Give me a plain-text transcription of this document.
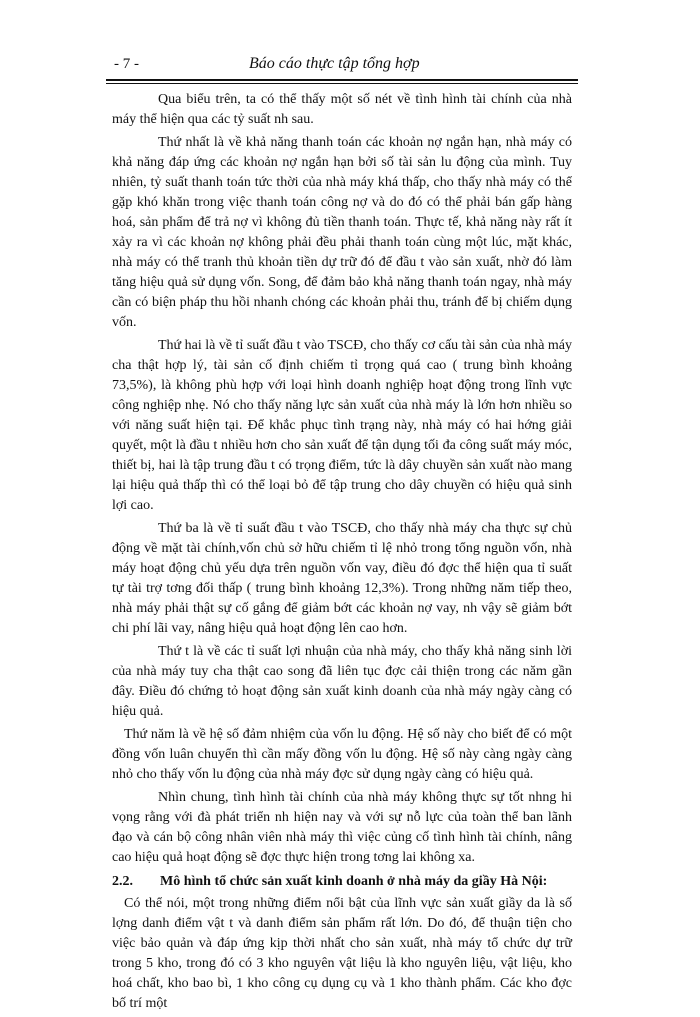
- 7 -	Báo cáo thực tập tổng hợp

Qua biểu trên, ta có thể thấy một số nét về tình hình tài chính của nhà máy thể hiện qua các tỷ suất nh sau.

Thứ nhất là về khả năng thanh toán các khoản nợ ngắn hạn, nhà máy có khả năng đáp ứng các khoản nợ ngắn hạn bởi số tài sản lu động của mình. Tuy nhiên, tỷ suất thanh toán tức thời của nhà máy khá thấp, cho thấy nhà máy có thể gặp khó khăn trong việc thanh toán công nợ và do đó có thể phải bán gấp hàng hoá, sản phẩm để trả nợ vì không đủ tiền thanh toán. Thực tế, khả năng này rất ít xảy ra vì các khoản nợ không phải đều phải thanh toán cùng một lúc, mặt khác, nhà máy có thể tranh thủ khoản tiền dự trữ đó để đầu t vào sản xuất, nhờ đó làm tăng hiệu quả sử dụng vốn. Song, để đảm bảo khả năng thanh toán ngay, nhà máy cần có biện pháp thu hồi nhanh chóng các khoản phải thu, tránh để bị chiếm dụng vốn.

Thứ hai là về tỉ suất đầu t vào TSCĐ, cho thấy cơ cấu tài sản của nhà máy cha thật hợp lý, tài sản cố định chiếm tỉ trọng quá cao ( trung bình khoảng 73,5%), là không phù hợp với loại hình doanh nghiệp hoạt động trong lĩnh vực công nghiệp nhẹ. Nó cho thấy năng lực sản xuất của nhà máy là lớn hơn nhiều so với năng suất hiện tại. Để khắc phục tình trạng này, nhà máy có hai hớng giải quyết, một là đầu t nhiều hơn cho sản xuất để tận dụng tối đa công suất máy móc, thiết bị, hai là tập trung đầu t có trọng điểm, tức là dây chuyền sản xuất nào mang lại hiệu quả thấp thì có thể loại bỏ để tập trung cho dây chuyền có hiệu quả sinh lợi cao.

Thứ ba là về tỉ suất đầu t vào TSCĐ, cho thấy nhà máy cha thực sự chủ động về mặt tài chính,vốn chủ sở hữu chiếm tỉ lệ nhỏ trong tổng nguồn vốn, nhà máy hoạt động chủ yếu dựa trên nguồn vốn vay, điều đó đợc thể hiện qua tỉ suất tự tài trợ tơng đối thấp ( trung bình khoảng 12,3%). Trong những năm tiếp theo, nhà máy phải thật sự cố gắng để giảm bớt các khoản nợ vay, nh vậy sẽ giảm bớt chi phí lãi vay, nâng hiệu quả hoạt động lên cao hơn.

Thứ t là về các tỉ suất lợi nhuận của nhà máy, cho thấy khả năng sinh lời của nhà máy tuy cha thật cao song đã liên tục đợc cải thiện trong các năm gần đây. Điều đó chứng tỏ hoạt động sản xuất kinh doanh của nhà máy ngày càng có hiệu quả.

Thứ năm là về hệ số đảm nhiệm của vốn lu động. Hệ số này cho biết để có một đồng vốn luân chuyển thì cần mấy đồng vốn lu động. Hệ số này càng ngày càng nhỏ cho thấy vốn lu động của nhà máy đợc sử dụng ngày càng có hiệu quả.

Nhìn chung, tình hình tài chính của nhà máy không thực sự tốt nhng hi vọng rằng với đà phát triển nh hiện nay và với sự nỗ lực của toàn thể ban lãnh đạo và cán bộ công nhân viên nhà máy thì việc củng cố tình hình tài chính, nâng cao hiệu quả hoạt động sẽ đợc thực hiện trong tơng lai không xa.

2.2. Mô hình tổ chức sản xuất kinh doanh ở nhà máy da giầy Hà Nội:

Có thể nói, một trong những điểm nổi bật của lĩnh vực sản xuất giầy da là số lợng danh điểm vật t và danh điểm sản phẩm rất lớn. Do đó, để thuận tiện cho việc bảo quản và đáp ứng kịp thời nhất cho sản xuất, nhà máy tổ chức dự trữ trong 5 kho, trong đó có 3 kho nguyên vật liệu là kho nguyên liệu, vật liệu, kho hoá chất, kho bao bì, 1 kho công cụ dụng cụ và 1 kho thành phẩm. Các kho đợc bố trí một
